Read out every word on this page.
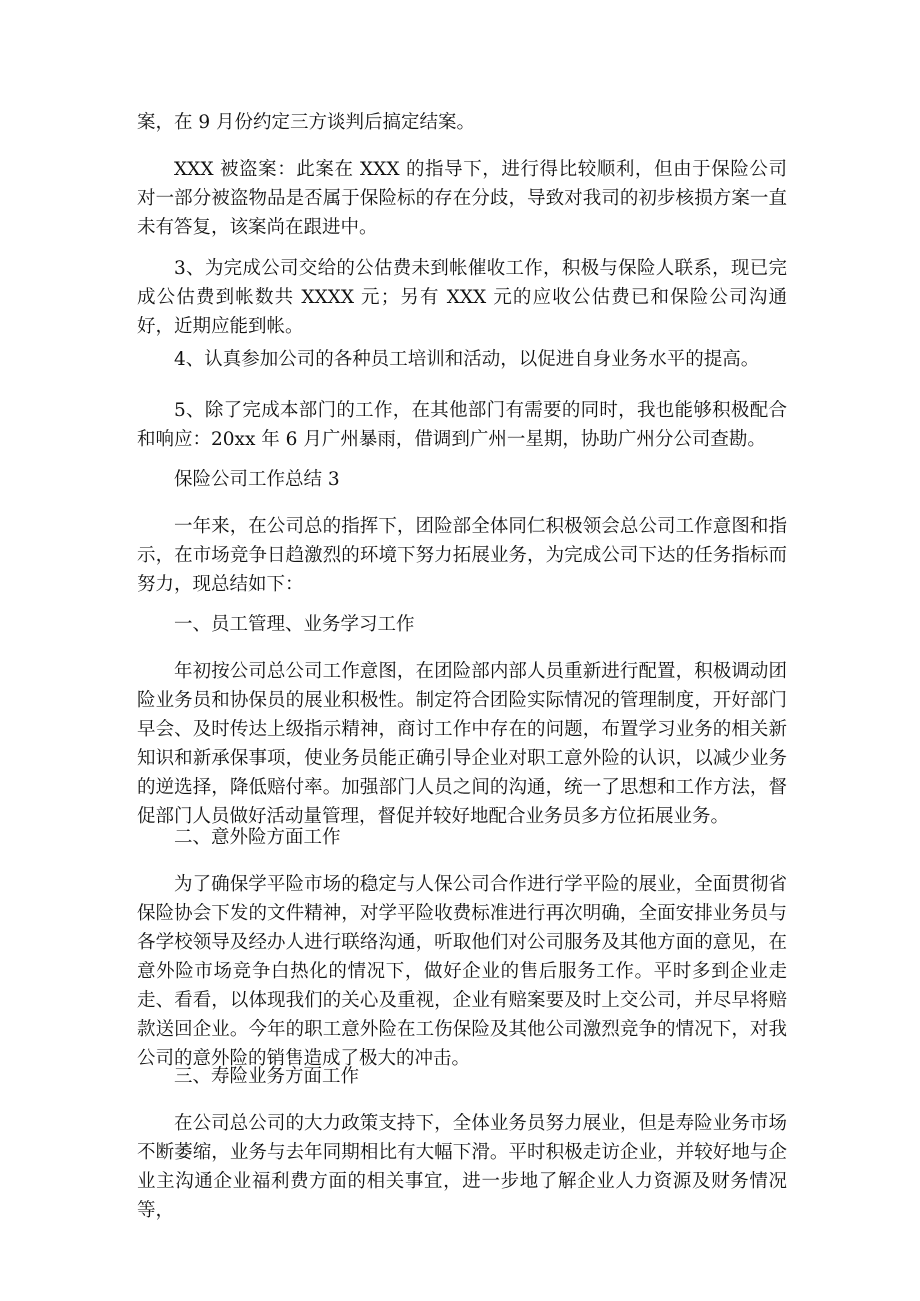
案，在 9 月份约定三方谈判后搞定结案。

XXX 被盗案：此案在 XXX 的指导下，进行得比较顺利，但由于保险公司对一部分被盗物品是否属于保险标的存在分歧，导致对我司的初步核损方案一直未有答复，该案尚在跟进中。

3、为完成公司交给的公估费未到帐催收工作，积极与保险人联系，现已完成公估费到帐数共 XXXX 元；另有 XXX 元的应收公估费已和保险公司沟通好，近期应能到帐。

4、认真参加公司的各种员工培训和活动，以促进自身业务水平的提高。

5、除了完成本部门的工作，在其他部门有需要的同时，我也能够积极配合和响应：20xx 年 6 月广州暴雨，借调到广州一星期，协助广州分公司查勘。

保险公司工作总结 3

一年来，在公司总的指挥下，团险部全体同仁积极领会总公司工作意图和指示，在市场竞争日趋激烈的环境下努力拓展业务，为完成公司下达的任务指标而努力，现总结如下：

一、员工管理、业务学习工作

年初按公司总公司工作意图，在团险部内部人员重新进行配置，积极调动团险业务员和协保员的展业积极性。制定符合团险实际情况的管理制度，开好部门早会、及时传达上级指示精神，商讨工作中存在的问题，布置学习业务的相关新知识和新承保事项，使业务员能正确引导企业对职工意外险的认识，以减少业务的逆选择，降低赔付率。加强部门人员之间的沟通，统一了思想和工作方法，督促部门人员做好活动量管理，督促并较好地配合业务员多方位拓展业务。

二、意外险方面工作

为了确保学平险市场的稳定与人保公司合作进行学平险的展业，全面贯彻省保险协会下发的文件精神，对学平险收费标准进行再次明确，全面安排业务员与各学校领导及经办人进行联络沟通，听取他们对公司服务及其他方面的意见，在意外险市场竞争白热化的情况下，做好企业的售后服务工作。平时多到企业走走、看看，以体现我们的关心及重视，企业有赔案要及时上交公司，并尽早将赔款送回企业。今年的职工意外险在工伤保险及其他公司激烈竞争的情况下，对我公司的意外险的销售造成了极大的冲击。

三、寿险业务方面工作

在公司总公司的大力政策支持下，全体业务员努力展业，但是寿险业务市场不断萎缩，业务与去年同期相比有大幅下滑。平时积极走访企业，并较好地与企业主沟通企业福利费方面的相关事宜，进一步地了解企业人力资源及财务情况等，
